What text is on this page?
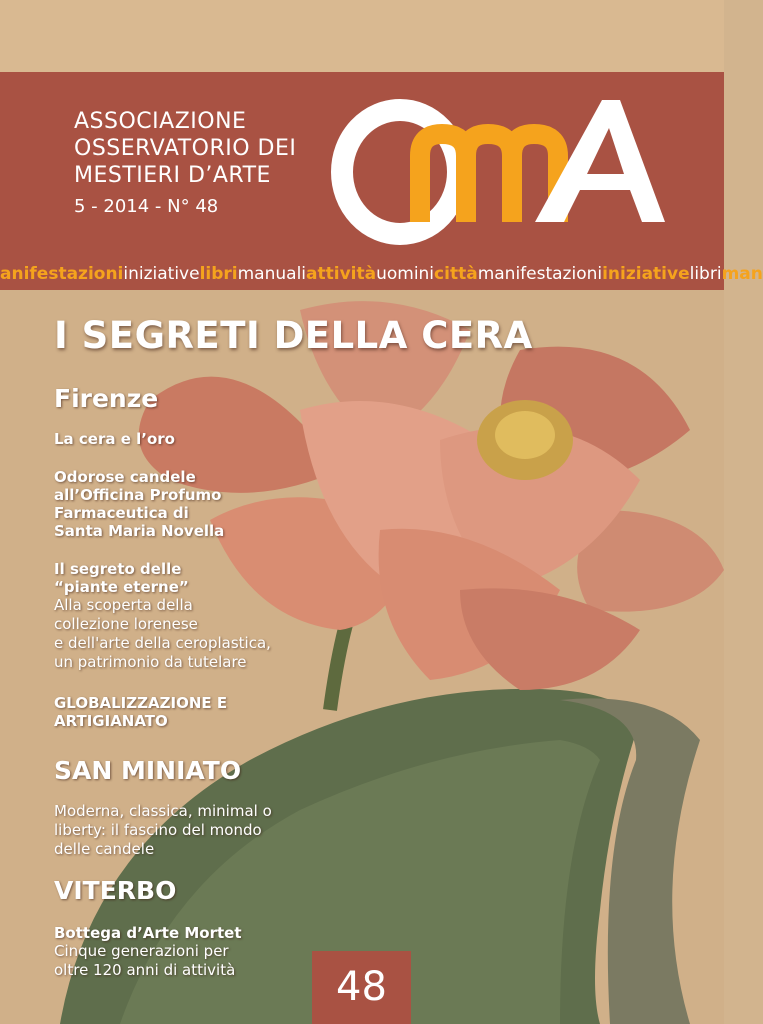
ASSOCIAZIONE
OSSERVATORIO DEI
MESTIERI D’ARTE
5 - 2014 - N° 48
anifestazioniiniziativelibrimanualiattivitàuominicittàmanifestazioniiniziativelibriman

I SEGRETI DELLA CERA
Firenze
La cera e l’oro
Odorose candele
all’Officina Profumo
Farmaceutica di
Santa Maria Novella
Il segreto delle
“piante eterne”
Alla scoperta della
collezione lorenese
e dell'arte della ceroplastica,
un patrimonio da tutelare
GLOBALIZZAZIONE E
ARTIGIANATO
SAN MINIATO
Moderna, classica, minimal o
liberty: il fascino del mondo
delle candele
VITERBO
Bottega d’Arte Mortet
Cinque generazioni per
oltre 120 anni di attività	48
